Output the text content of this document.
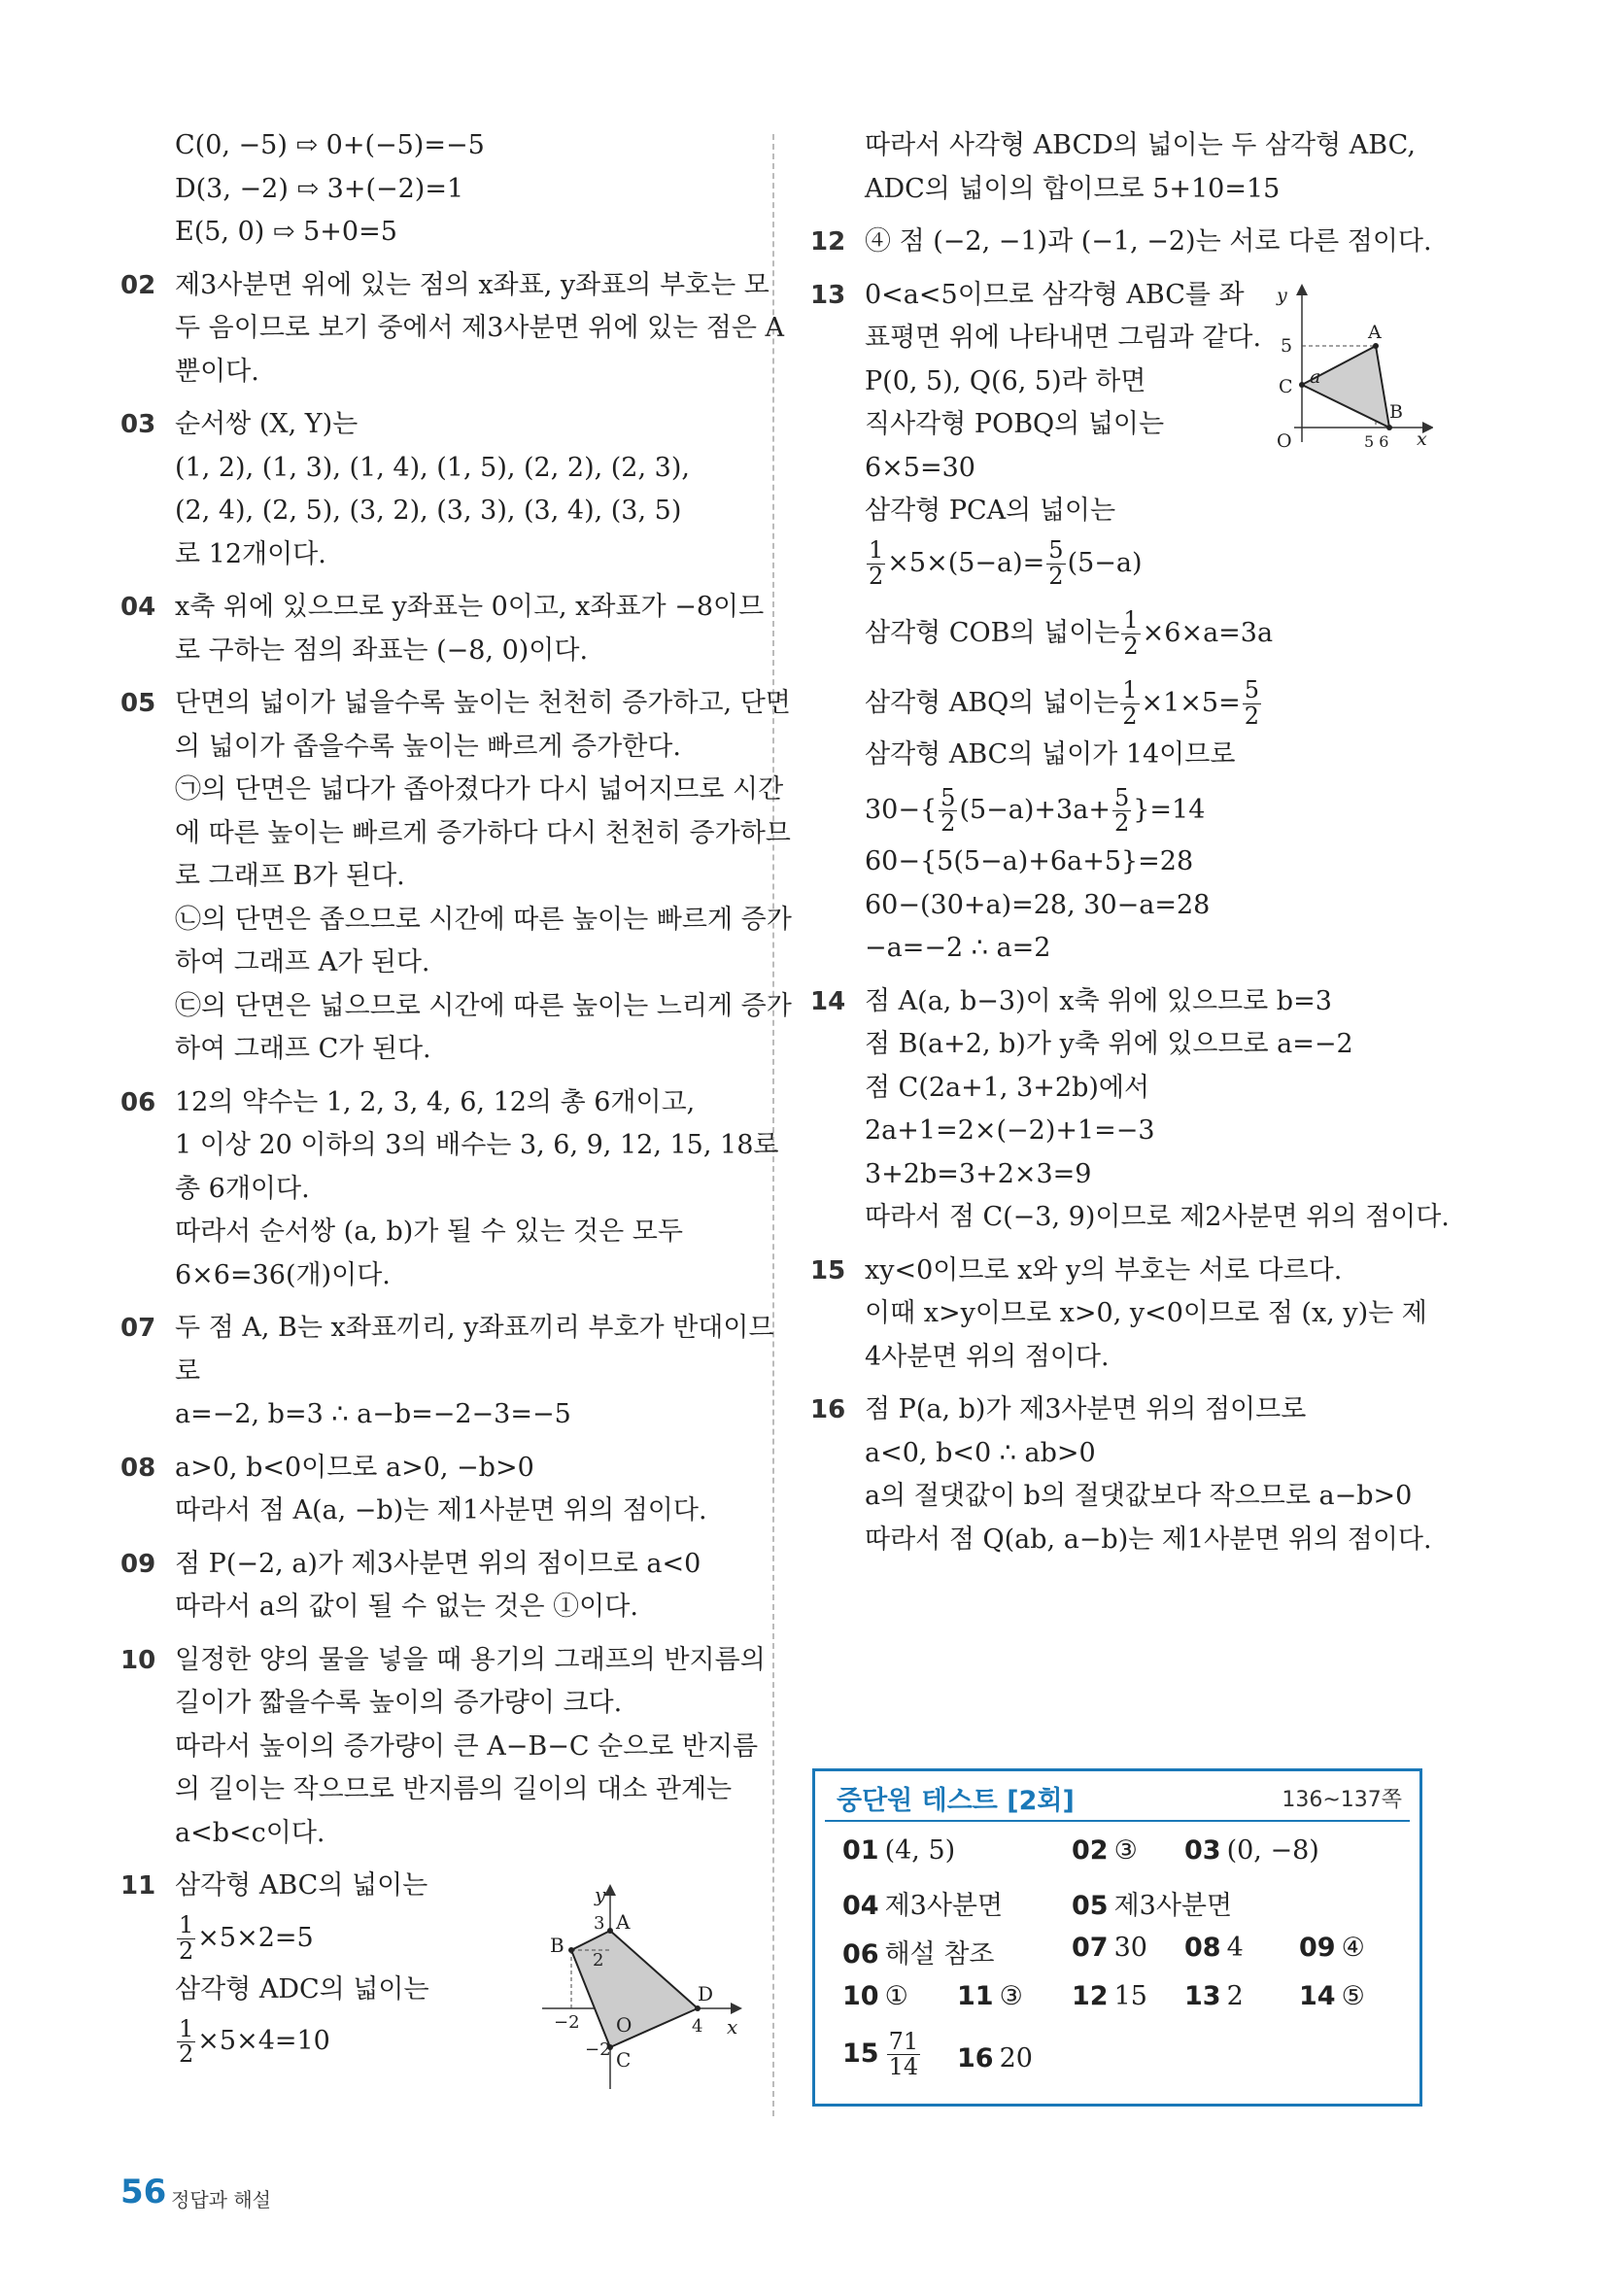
C(0, −5) ⇨ 0+(−5)=−5
D(3, −2) ⇨ 3+(−2)=1
E(5, 0) ⇨ 5+0=5
02 제3사분면 위에 있는 점의 x좌표, y좌표의 부호는 모
두 음이므로 보기 중에서 제3사분면 위에 있는 점은 A
뿐이다.
03 순서쌍 (X, Y)는
(1, 2), (1, 3), (1, 4), (1, 5), (2, 2), (2, 3),
(2, 4), (2, 5), (3, 2), (3, 3), (3, 4), (3, 5)
로 12개이다.
04 x축 위에 있으므로 y좌표는 0이고, x좌표가 −8이므
로 구하는 점의 좌표는 (−8, 0)이다.
05 단면의 넓이가 넓을수록 높이는 천천히 증가하고, 단면
의 넓이가 좁을수록 높이는 빠르게 증가한다.
㉠의 단면은 넓다가 좁아졌다가 다시 넓어지므로 시간
에 따른 높이는 빠르게 증가하다 다시 천천히 증가하므
로 그래프 B가 된다.
㉡의 단면은 좁으므로 시간에 따른 높이는 빠르게 증가
하여 그래프 A가 된다.
㉢의 단면은 넓으므로 시간에 따른 높이는 느리게 증가
하여 그래프 C가 된다.
06 12의 약수는 1, 2, 3, 4, 6, 12의 총 6개이고,
1 이상 20 이하의 3의 배수는 3, 6, 9, 12, 15, 18로
총 6개이다.
따라서 순서쌍 (a, b)가 될 수 있는 것은 모두
6×6=36(개)이다.
07 두 점 A, B는 x좌표끼리, y좌표끼리 부호가 반대이므
로
a=−2, b=3 ∴ a−b=−2−3=−5
08 a>0, b<0이므로 a>0, −b>0
따라서 점 A(a, −b)는 제1사분면 위의 점이다.
09 점 P(−2, a)가 제3사분면 위의 점이므로 a<0
따라서 a의 값이 될 수 없는 것은 ①이다.
10 일정한 양의 물을 넣을 때 용기의 그래프의 반지름의
길이가 짧을수록 높이의 증가량이 크다.
따라서 높이의 증가량이 큰 A−B−C 순으로 반지름
의 길이는 작으므로 반지름의 길이의 대소 관계는
a<b<c이다.
11 삼각형 ABC의 넓이는
$\frac{1}{2} \times 5\times 2=5$
삼각형 ADC의 넓이는
$\frac{1}{2} \times 5\times 4=10$
y
x
A
B
C
D
O
3
2
−2
−2
4
따라서 사각형 ABCD의 넓이는 두 삼각형 ABC,
ADC의 넓이의 합이므로 5+10=15
12 ④ 점 (−2, −1)과 (−1, −2)는 서로 다른 점이다.
13 0<a<5이므로 삼각형 ABC를 좌
표평면 위에 나타내면 그림과 같다.
P(0, 5), Q(6, 5)라 하면
직사각형 POBQ의 넓이는
6×5=30
삼각형 PCA의 넓이는
$\frac{1}{2} \times 5\times(5-a)= \frac{5}{2} (5-a)$
삼각형 COB의 넓이는 $\frac{1}{2} \times 6\times a=3a$
삼각형 ABQ의 넓이는 $\frac{1}{2} \times 1\times 5= \frac{5}{2}$
삼각형 ABC의 넓이가 14이므로
$30-\{ \frac{5}{2} (5-a)+3a+ \frac{5}{2} \}=14$
60−{5(5−a)+6a+5}=28
60−(30+a)=28, 30−a=28
−a=−2 ∴ a=2
14 점 A(a, b−3)이 x축 위에 있으므로 b=3
점 B(a+2, b)가 y축 위에 있으므로 a=−2
점 C(2a+1, 3+2b)에서
2a+1=2×(−2)+1=−3
3+2b=3+2×3=9
따라서 점 C(−3, 9)이므로 제2사분면 위의 점이다.
15 xy<0이므로 x와 y의 부호는 서로 다르다.
이때 x>y이므로 x>0, y<0이므로 점 (x, y)는 제
4사분면 위의 점이다.
16 점 P(a, b)가 제3사분면 위의 점이므로
a<0, b<0 ∴ ab>0
a의 절댓값이 b의 절댓값보다 작으므로 a−b>0
따라서 점 Q(ab, a−b)는 제1사분면 위의 점이다.
y
x
5
A
C a
B
O	5 6
중단원 테스트 [2회]	136~137쪽
01 (4, 5)	02 ③ 03 (0, −8)
04 제3사분면	05 제3사분면
06 해설 참조	07 30 08 4 09 ④
10 ① 11 ③ 12 15 13 2 14 ⑤
$15 \frac{71}{14} 16$ 20
56 정답과 해설
